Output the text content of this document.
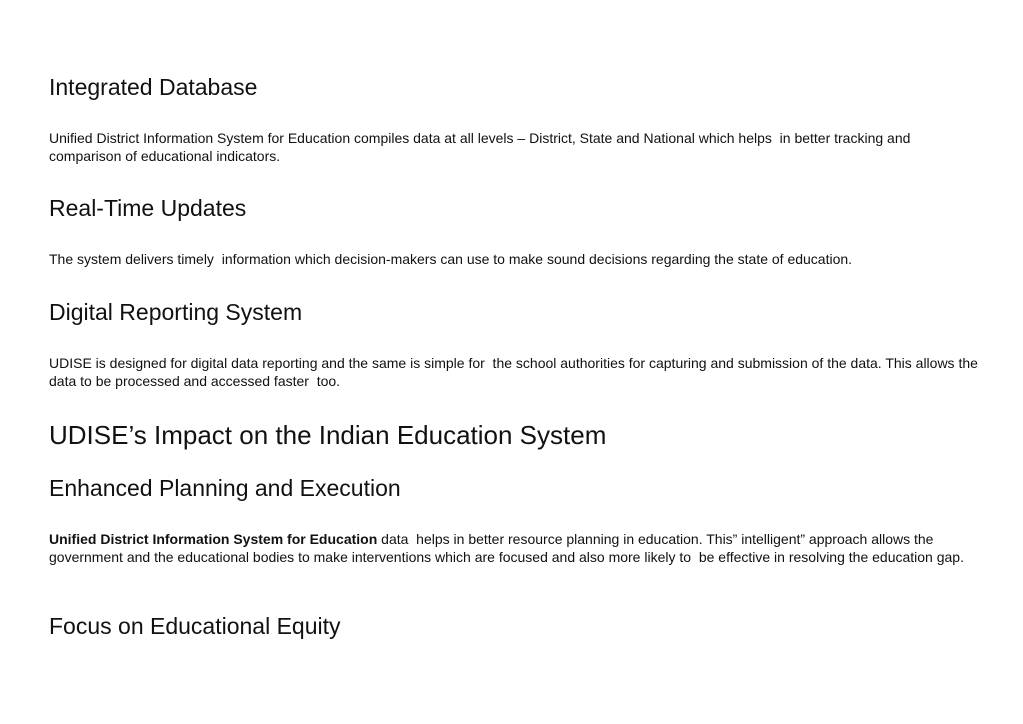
Integrated Database

Unified District Information System for Education compiles data at all levels – District, State and National which helps  in better tracking and comparison of educational indicators.

Real-Time Updates

The system delivers timely  information which decision-makers can use to make sound decisions regarding the state of education.

Digital Reporting System

UDISE is designed for digital data reporting and the same is simple for  the school authorities for capturing and submission of the data. This allows the data to be processed and accessed faster  too.

UDISE’s Impact on the Indian Education System
Enhanced Planning and Execution

Unified District Information System for Education data  helps in better resource planning in education. This” intelligent” approach allows the government and the educational bodies to make interventions which are focused and also more likely to  be effective in resolving the education gap.

Focus on Educational Equity
